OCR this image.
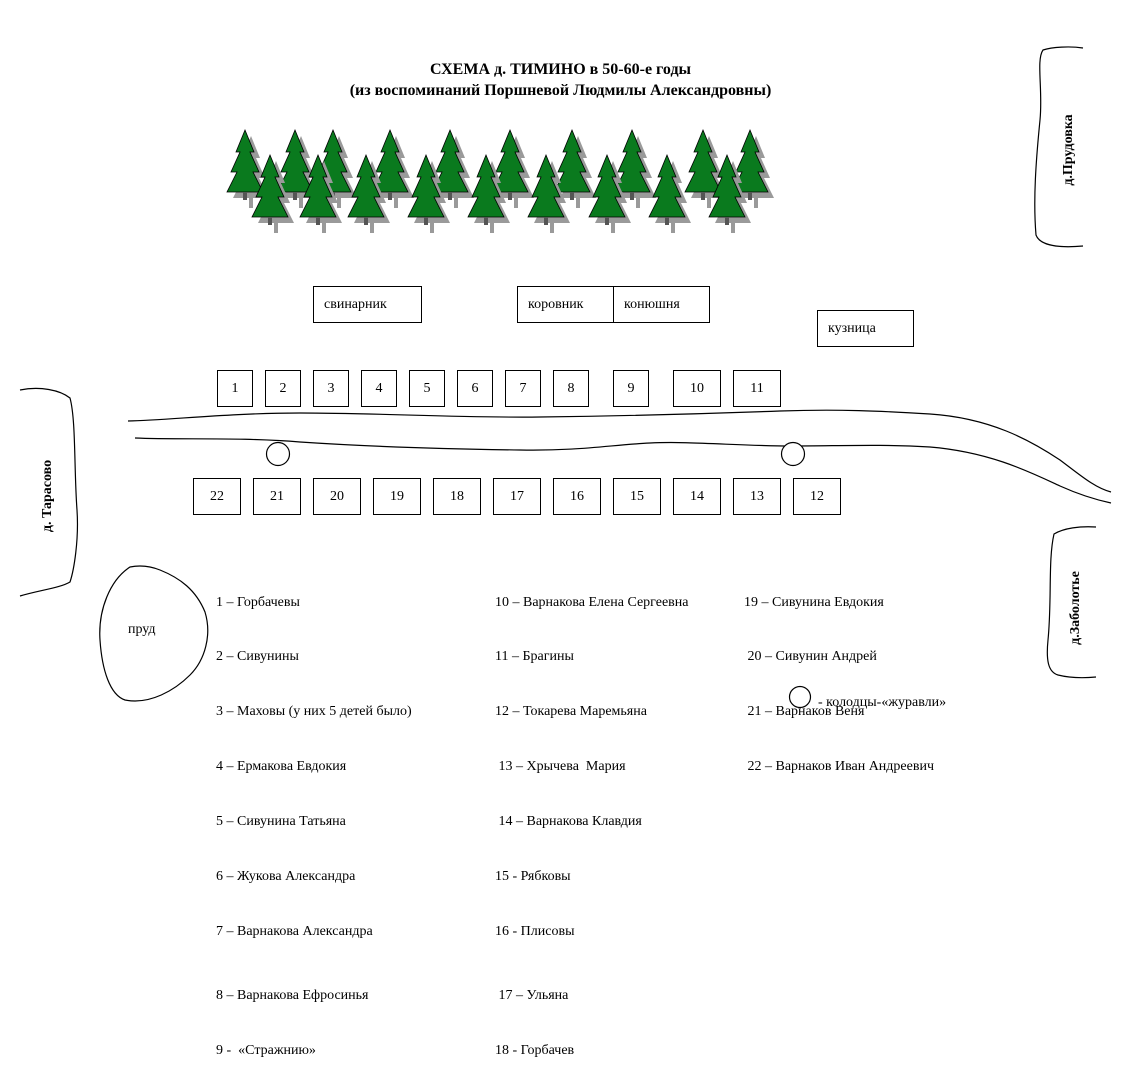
СХЕМА д. ТИМИНО в 50-60-е годы
(из воспоминаний Поршневой Людмилы Александровны)
свинарник	коровник	конюшня
кузница
1	2	3	4	5	6	7	8	9	10	11
22	21	20	19	18	17	16	15	14	13	12
пруд
д. Тарасово
д.Прудовка
д.Заболотье

1 – Горбачевы

2 – Сивунины

3 – Маховы (у них 5 детей было)

4 – Ермакова Евдокия

5 – Сивунина Татьяна

6 – Жукова Александра

7 – Варнакова Александра

8 – Варнакова Ефросинья

9 -  «Стражнию»

10 – Варнакова Елена Сергеевна

11 – Брагины

12 – Токарева Маремьяна

13 – Хрычева  Мария

14 – Варнакова Клавдия

15 - Рябковы

16 - Плисовы

17 – Ульяна

18 - Горбачев

19 – Сивунина Евдокия

20 – Сивунин Андрей

21 – Варнаков Веня

22 – Варнаков Иван Андреевич

- колодцы-«журавли»
